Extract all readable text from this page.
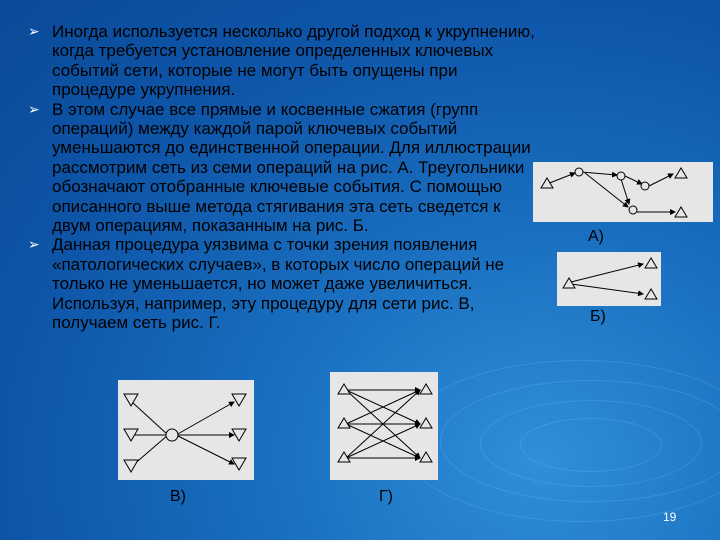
➢ Иногда используется несколько другой подход к укрупнению, когда требуется установление определенных ключевых событий сети, которые не могут быть опущены при процедуре укрупнения.
➢ В этом случае все прямые и косвенные сжатия (групп операций) между каждой парой ключевых событий уменьшаются до единственной операции. Для иллюстрации рассмотрим сеть из семи операций на рис. А. Треугольники обозначают отобранные ключевые события. С помощью описанного выше метода стягивания эта сеть сведется к двум операциям, показанным на рис. Б.
➢ Данная процедура уязвима с точки зрения появления «патологических случаев», в которых число операций не только не уменьшается, но может даже увеличиться. Используя, например, эту процедуру для сети рис. В, получаем сеть рис. Г.
А)
Б)
В)	Г)
19
